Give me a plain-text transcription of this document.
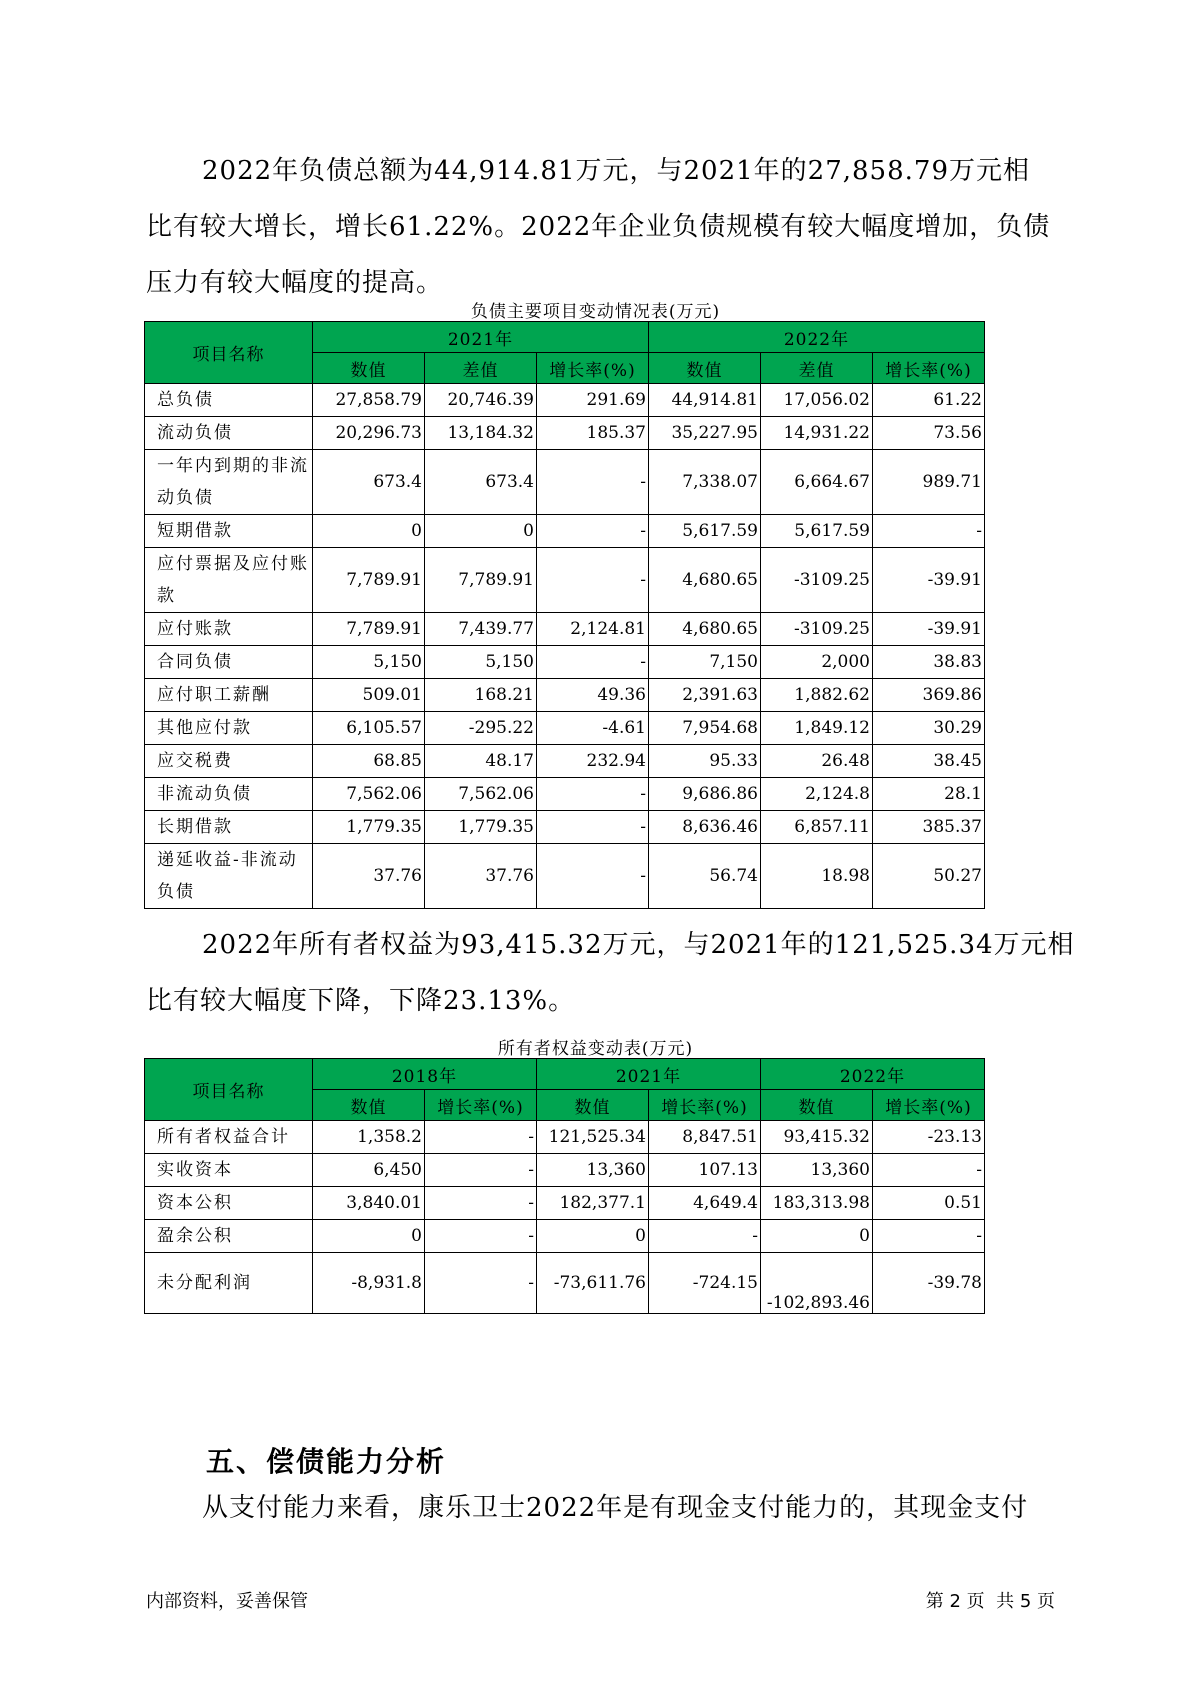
2022年负债总额为44,914.81万元，与2021年的27,858.79万元相比有较大增长，增长61.22%。2022年企业负债规模有较大幅度增加，负债压力有较大幅度的提高。

负债主要项目变动情况表(万元)
项目名称	2021年			2022年		
	数值	差值	增长率(%)	数值	差值	增长率(%)
总负债	27,858.79	20,746.39	291.69	44,914.81	17,056.02	61.22
流动负债	20,296.73	13,184.32	185.37	35,227.95	14,931.22	73.56
一年内到期的非流动负债	673.4	673.4	-	7,338.07	6,664.67	989.71
短期借款	0	0	-	5,617.59	5,617.59	-
应付票据及应付账款	7,789.91	7,789.91	-	4,680.65	-3109.25	-39.91
应付账款	7,789.91	7,439.77	2,124.81	4,680.65	-3109.25	-39.91
合同负债	5,150	5,150	-	7,150	2,000	38.83
应付职工薪酬	509.01	168.21	49.36	2,391.63	1,882.62	369.86
其他应付款	6,105.57	-295.22	-4.61	7,954.68	1,849.12	30.29
应交税费	68.85	48.17	232.94	95.33	26.48	38.45
非流动负债	7,562.06	7,562.06	-	9,686.86	2,124.8	28.1
长期借款	1,779.35	1,779.35	-	8,636.46	6,857.11	385.37
递延收益-非流动负债	37.76	37.76	-	56.74	18.98	50.27

2022年所有者权益为93,415.32万元，与2021年的121,525.34万元相比有较大幅度下降，下降23.13%。

所有者权益变动表(万元)
项目名称	2018年		2021年		2022年	
	数值	增长率(%)	数值	增长率(%)	数值	增长率(%)
所有者权益合计	1,358.2	-	121,525.34	8,847.51	93,415.32	-23.13
实收资本	6,450	-	13,360	107.13	13,360	-
资本公积	3,840.01	-	182,377.1	4,649.4	183,313.98	0.51
盈余公积	0	-	0	-	0	-
未分配利润	-8,931.8	-	-73,611.76	-724.15	-102,893.46	-39.78
五、偿债能力分析

从支付能力来看，康乐卫士2022年是有现金支付能力的，其现金支付

内部资料，妥善保管	第 2 页  共 5 页
